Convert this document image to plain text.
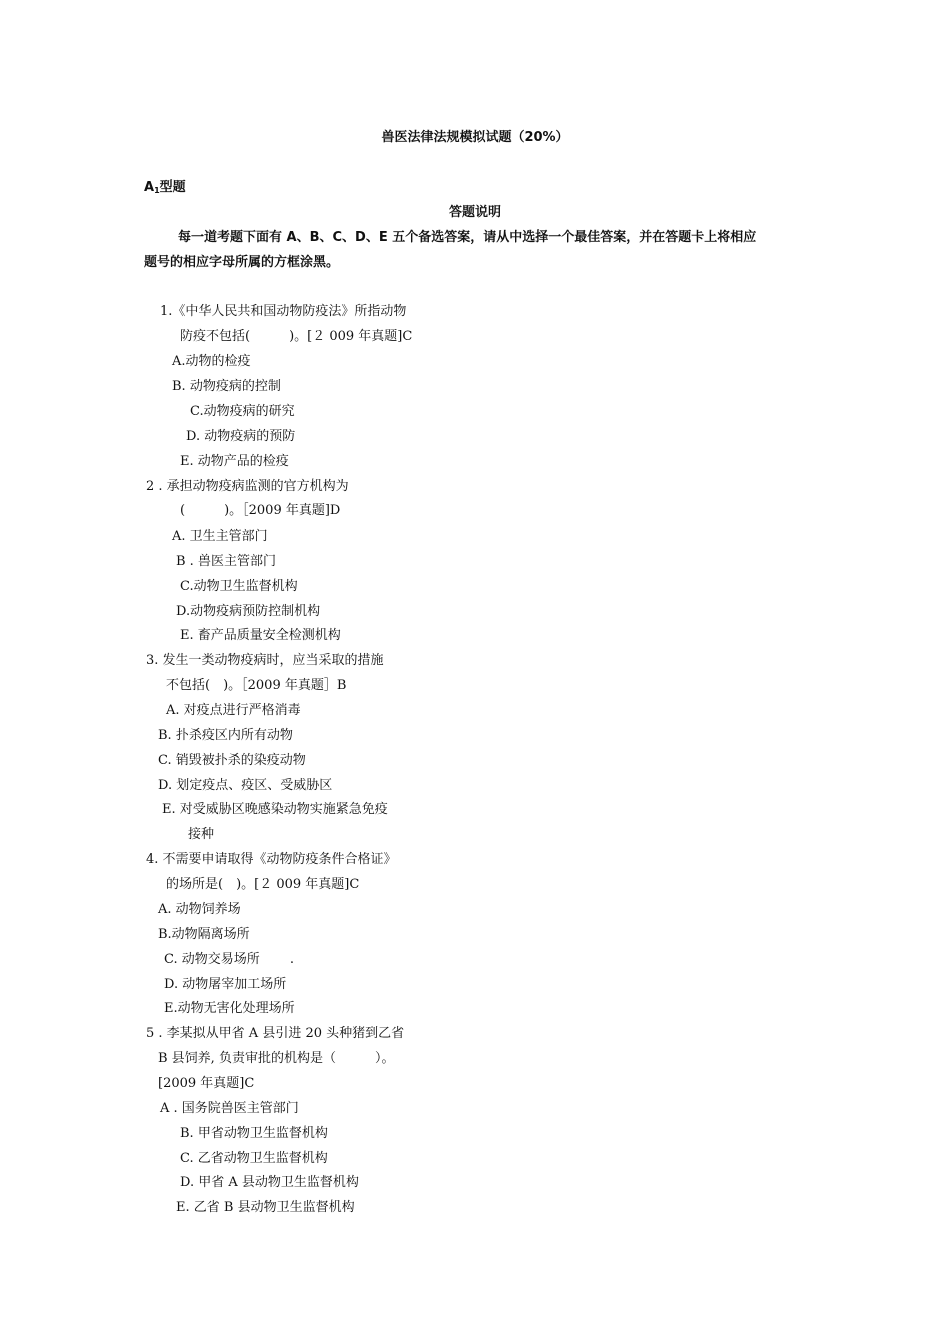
兽医法律法规模拟试题（20%）
$A_1$型题
答题说明
每一道考题下面有 A、B、C、D、E 五个备选答案，请从中选择一个最佳答案，并在答题卡上将相应
题号的相应字母所属的方框涂黑。
1.《中华人民共和国动物防疫法》所指动物
防疫不包括(　　　)。[２ 009 年真题]C
A.动物的检疫
B. 动物疫病的控制
C.动物疫病的研究
D. 动物疫病的预防
E. 动物产品的检疫
2 . 承担动物疫病监测的官方机构为
(　　　)。［2009 年真题]D
A. 卫生主管部门
B . 兽医主管部门
C.动物卫生监督机构
D.动物疫病预防控制机构
E. 畜产品质量安全检测机构
3. 发生一类动物疫病时，应当采取的措施
不包括(　)。［2009 年真题］B
A. 对疫点进行严格消毒
B. 扑杀疫区内所有动物
C. 销毁被扑杀的染疫动物
D. 划定疫点、疫区、受威胁区
E. 对受威胁区晚感染动物实施紧急免疫
接种
4. 不需要申请取得《动物防疫条件合格证》
的场所是(　)。[２ 009 年真题]C
A. 动物饲养场
B.动物隔离场所
C. 动物交易场所　　 .
D. 动物屠宰加工场所
E.动物无害化处理场所
5 . 李某拟从甲省 A 县引进 20 头种猪到乙省
B 县饲养, 负责审批的机构是（　　　）。
[2009 年真题]C
A . 国务院兽医主管部门
B. 甲省动物卫生监督机构
C. 乙省动物卫生监督机构
D. 甲省 A 县动物卫生监督机构
E. 乙省 B 县动物卫生监督机构
